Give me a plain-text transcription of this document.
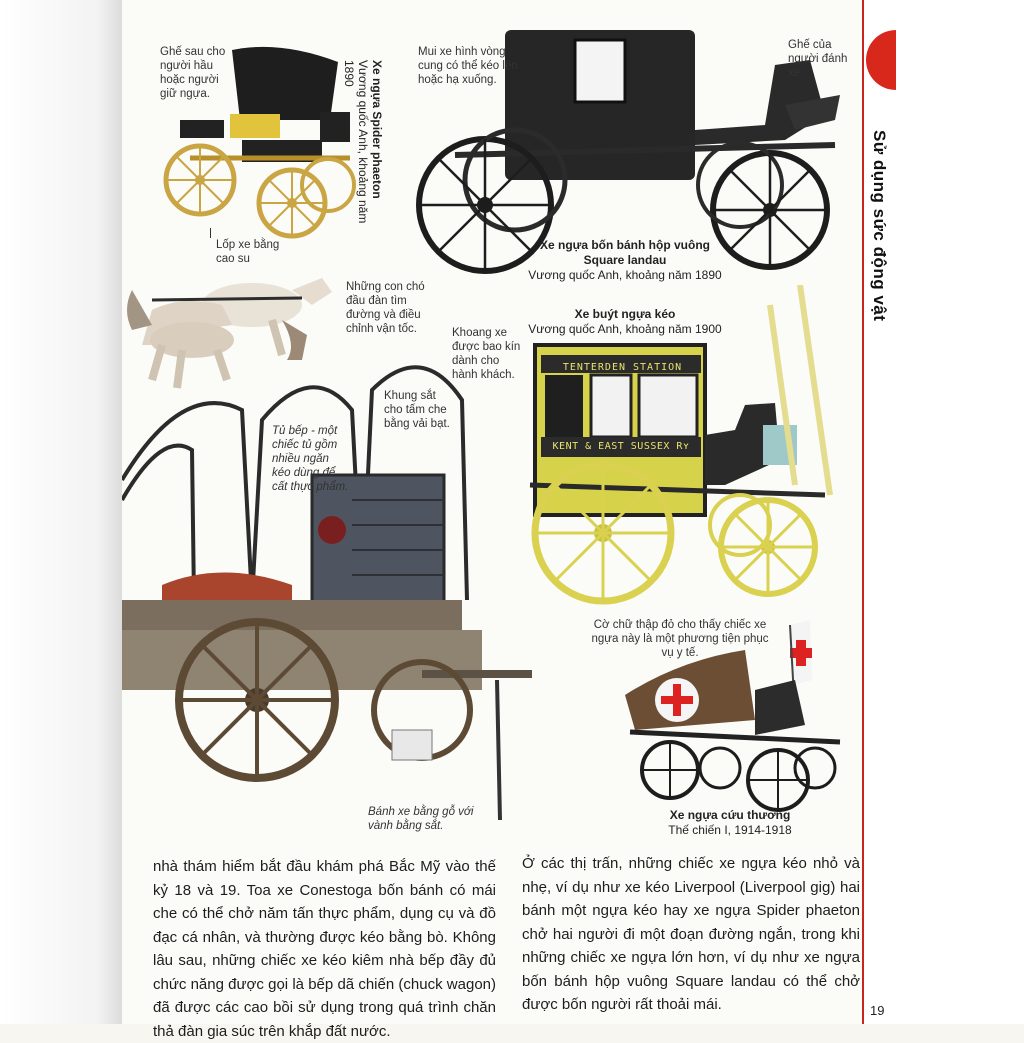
Sử dụng sức động vật
Ghế sau cho người hầu hoặc người giữ ngựa.
Lốp xe bằng cao su
Xe ngựa Spider phaeton
Vương quốc Anh, khoảng năm 1890
Mui xe hình vòng cung có thể kéo lên hoặc hạ xuống.
Ghế của người đánh xe
Xe ngựa bốn bánh hộp vuông
Square landau
Vương quốc Anh, khoảng năm 1890
Những con chó đầu đàn tìm đường và điều chỉnh vận tốc.
TENTERDEN STATION
KENT & EAST SUSSEX Rʏ
Xe buýt ngựa kéo
Vương quốc Anh, khoảng năm 1900
Khoang xe được bao kín dành cho hành khách.
Tủ bếp - một chiếc tủ gồm nhiều ngăn kéo dùng để cất thực phẩm.
Khung sắt cho tấm che bằng vải bạt.
Bánh xe bằng gỗ với vành bằng sắt.
Cờ chữ thập đỏ cho thấy chiếc xe ngựa này là một phương tiện phục vụ y tế.
Xe ngựa cứu thương
Thế chiến I, 1914-1918
nhà thám hiểm bắt đầu khám phá Bắc Mỹ vào thế kỷ 18 và 19. Toa xe Conestoga bốn bánh có mái che có thể chở năm tấn thực phẩm, dụng cụ và đồ đạc cá nhân, và thường được kéo bằng bò. Không lâu sau, những chiếc xe kéo kiêm nhà bếp đầy đủ chức năng được gọi là bếp dã chiến (chuck wagon) đã được các cao bồi sử dụng trong quá trình chăn thả đàn gia súc trên khắp đất nước.
Ở các thị trấn, những chiếc xe ngựa kéo nhỏ và nhẹ, ví dụ như xe kéo Liverpool (Liverpool gig) hai bánh một ngựa kéo hay xe ngựa Spider phaeton chở hai người đi một đoạn đường ngắn, trong khi những chiếc xe ngựa lớn hơn, ví dụ như xe ngựa bốn bánh hộp vuông Square landau có thể chở được bốn người rất thoải mái.	19
